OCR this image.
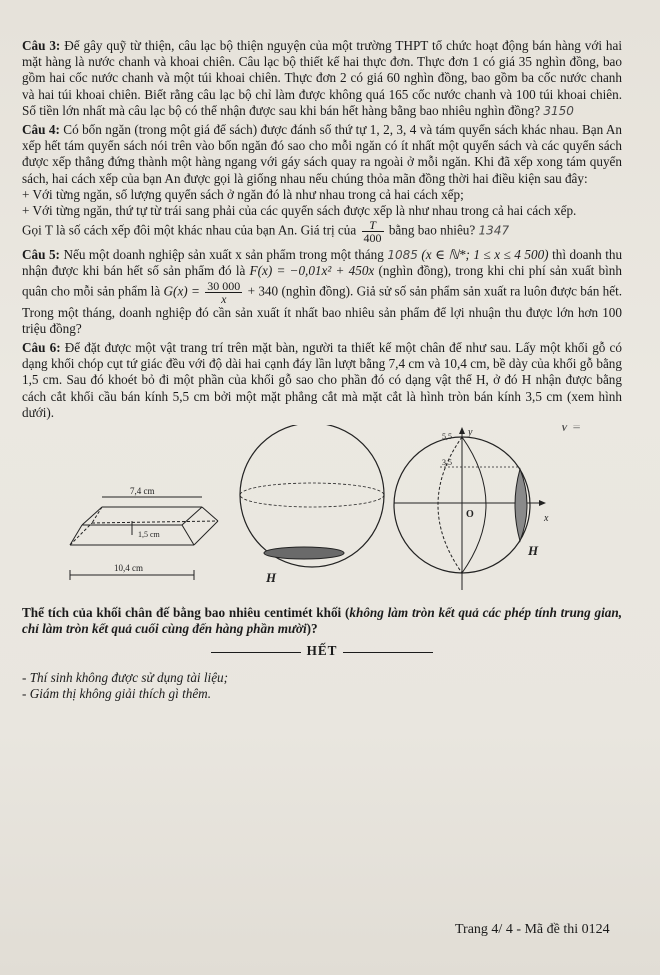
Câu 3: Để gây quỹ từ thiện, câu lạc bộ thiện nguyện của một trường THPT tổ chức hoạt động bán hàng với hai mặt hàng là nước chanh và khoai chiên. Câu lạc bộ thiết kế hai thực đơn. Thực đơn 1 có giá 35 nghìn đồng, bao gồm hai cốc nước chanh và một túi khoai chiên. Thực đơn 2 có giá 60 nghìn đồng, bao gồm ba cốc nước chanh và hai túi khoai chiên. Biết rằng câu lạc bộ chỉ làm được không quá 165 cốc nước chanh và 100 túi khoai chiên. Số tiền lớn nhất mà câu lạc bộ có thể nhận được sau khi bán hết hàng bằng bao nhiêu nghìn đồng? 3150

Câu 4: Có bốn ngăn (trong một giá để sách) được đánh số thứ tự 1, 2, 3, 4 và tám quyển sách khác nhau. Bạn An xếp hết tám quyển sách nói trên vào bốn ngăn đó sao cho mỗi ngăn có ít nhất một quyển sách và các quyển sách được xếp thẳng đứng thành một hàng ngang với gáy sách quay ra ngoài ở mỗi ngăn. Khi đã xếp xong tám quyển sách, hai cách xếp của bạn An được gọi là giống nhau nếu chúng thỏa mãn đồng thời hai điều kiện sau đây:
+ Với từng ngăn, số lượng quyển sách ở ngăn đó là như nhau trong cả hai cách xếp;
+ Với từng ngăn, thứ tự từ trái sang phải của các quyển sách được xếp là như nhau trong cả hai cách xếp.
Gọi T là số cách xếp đôi một khác nhau của bạn An. Giá trị của $\frac{T}{400}$ bằng bao nhiêu? 1347

Câu 5: Nếu một doanh nghiệp sản xuất x sản phẩm trong một tháng 1085 (x ∈ ℕ*; 1 ≤ x ≤ 4 500) thì doanh thu nhận được khi bán hết số sản phẩm đó là F(x) = −0,01x² + 450x (nghìn đồng), trong khi chi phí sản xuất bình quân cho mỗi sản phẩm là $G(x) = \frac{30 000}{x} + 340$ (nghìn đồng). Giả sử số sản phẩm sản xuất ra luôn được bán hết. Trong một tháng, doanh nghiệp đó cần sản xuất ít nhất bao nhiêu sản phẩm để lợi nhuận thu được lớn hơn 100 triệu đồng?

Câu 6: Để đặt được một vật trang trí trên mặt bàn, người ta thiết kế một chân đế như sau. Lấy một khối gỗ có dạng khối chóp cụt tứ giác đều với độ dài hai cạnh đáy lần lượt bằng 7,4 cm và 10,4 cm, bề dày của khối gỗ bằng 1,5 cm. Sau đó khoét bỏ đi một phần của khối gỗ sao cho phần đó có dạng vật thể H, ở đó H nhận được bằng cách cắt khối cầu bán kính 5,5 cm bởi một mặt phẳng cắt mà mặt cắt là hình tròn bán kính 3,5 cm (xem hình dưới).

7,4 cm
1,5 cm
10,4 cm
H
y
x
5,5
3,5
O
H
V =

Thể tích của khối chân đế bằng bao nhiêu centimét khối (không làm tròn kết quả các phép tính trung gian, chỉ làm tròn kết quả cuối cùng đến hàng phần mười)?

HẾT
- Thí sinh không được sử dụng tài liệu;
- Giám thị không giải thích gì thêm.
Trang 4/ 4 - Mã đề thi 0124
